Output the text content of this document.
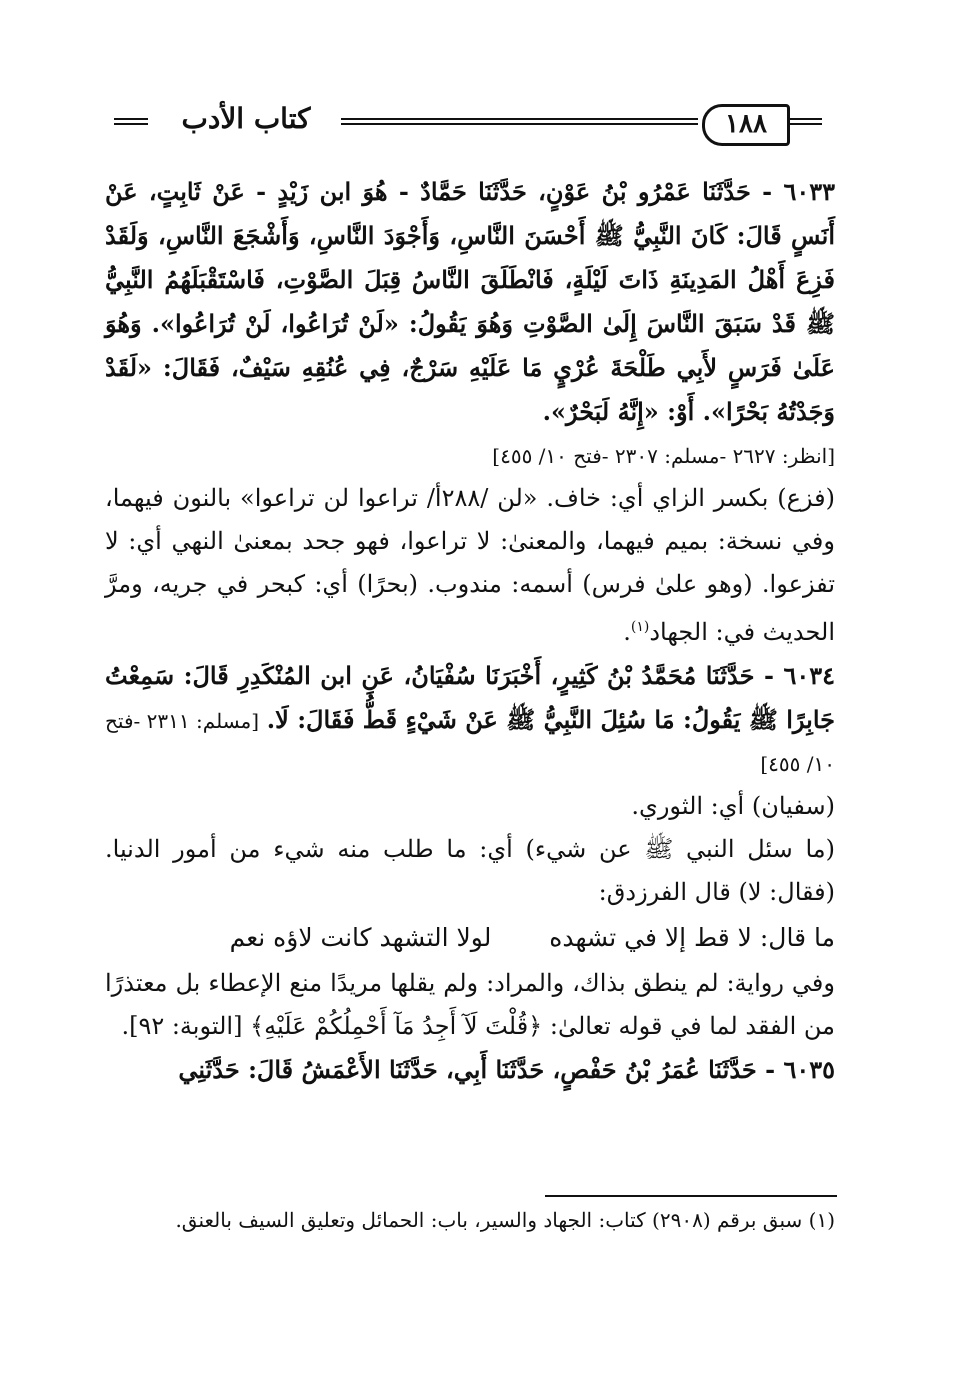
كتاب الأدب	١٨٨

٦٠٣٣ - حَدَّثَنَا عَمْرُو بْنُ عَوْنٍ، حَدَّثَنَا حَمَّادٌ - هُوَ ابن زَيْدٍ - عَنْ ثَابِتٍ، عَنْ أَنَسٍ قَالَ: كَانَ النَّبِيُّ ﷺ أَحْسَنَ النَّاسِ، وَأَجْوَدَ النَّاسِ، وَأَشْجَعَ النَّاسِ، وَلَقَدْ فَزِعَ أَهْلُ المَدِينَةِ ذَاتَ لَيْلَةٍ، فَانْطَلَقَ النَّاسُ قِبَلَ الصَّوْتِ، فَاسْتَقْبَلَهُمُ النَّبِيُّ ﷺ قَدْ سَبَقَ النَّاسَ إِلَىٰ الصَّوْتِ وَهُوَ يَقُولُ: «لَنْ تُرَاعُوا، لَنْ تُرَاعُوا». وَهُوَ عَلَىٰ فَرَسٍ لأَبِي طَلْحَةَ عُرْيٍ مَا عَلَيْهِ سَرْجٌ، فِي عُنُقِهِ سَيْفٌ، فَقَالَ: «لَقَدْ وَجَدْتُهُ بَحْرًا». أَوْ: «إِنَّهُ لَبَحْرٌ».
[انظر: ٢٦٢٧ -مسلم: ٢٣٠٧ -فتح ١٠/ ٤٥٥]

(فزع) بكسر الزاي أي: خاف. «لن /٢٨٨أ/ تراعوا لن تراعوا» بالنون فيهما، وفي نسخة: بميم فيهما، والمعنىٰ: لا تراعوا، فهو جحد بمعنىٰ النهي أي: لا تفزعوا. (وهو علىٰ فرس) أسمه: مندوب. (بحرًا) أي: كبحر في جريه، ومرَّ الحديث في: الجهاد$^{(١)}$.

٦٠٣٤ - حَدَّثَنَا مُحَمَّدُ بْنُ كَثِيرٍ، أَخْبَرَنَا سُفْيَانُ، عَنِ ابن المُنْكَدِرِ قَالَ: سَمِعْتُ جَابِرًا ﷺ يَقُولُ: مَا سُئِلَ النَّبِيُّ ﷺ عَنْ شَيْءٍ قَطُّ فَقَالَ: لَا. [مسلم: ٢٣١١ -فتح ١٠/ ٤٥٥]

(سفيان) أي: الثوري.

(ما سئل النبي ﷺ عن شيء) أي: ما طلب منه شيء من أمور الدنيا. (فقال: لا) قال الفرزدق:

ما قال: لا قط إلا في تشهده  لولا التشهد كانت لاؤه نعم

وفي رواية: لم ينطق بذاك، والمراد: ولم يقلها مريدًا منع الإعطاء بل معتذرًا من الفقد لما في قوله تعالىٰ: ﴿قُلْتَ لَآ أَجِدُ مَآ أَحْمِلُكُمْ عَلَيْهِ﴾ [التوبة: ٩٢].

٦٠٣٥ - حَدَّثَنَا عُمَرُ بْنُ حَفْصٍ، حَدَّثَنَا أَبِي، حَدَّثَنَا الأَعْمَشُ قَالَ: حَدَّثَنِي

(١) سبق برقم (٢٩٠٨) كتاب: الجهاد والسير، باب: الحمائل وتعليق السيف بالعنق.
